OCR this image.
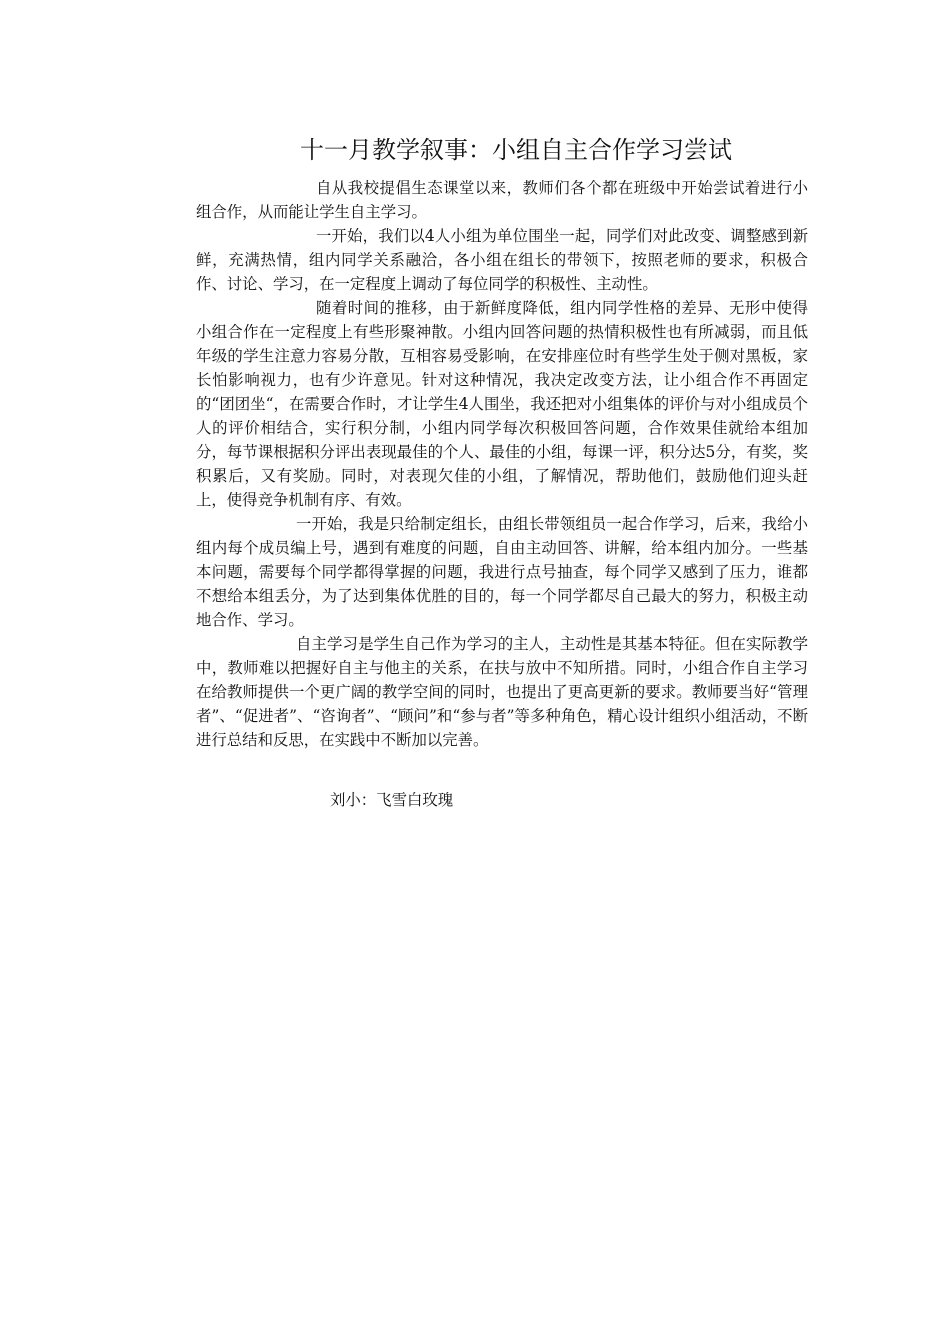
十一月教学叙事：小组自主合作学习尝试

自从我校提倡生态课堂以来，教师们各个都在班级中开始尝试着进行小组合作，从而能让学生自主学习。

一开始，我们以4人小组为单位围坐一起，同学们对此改变、调整感到新鲜，充满热情，组内同学关系融洽，各小组在组长的带领下，按照老师的要求，积极合作、讨论、学习，在一定程度上调动了每位同学的积极性、主动性。

随着时间的推移，由于新鲜度降低，组内同学性格的差异、无形中使得小组合作在一定程度上有些形聚神散。小组内回答问题的热情积极性也有所减弱，而且低年级的学生注意力容易分散，互相容易受影响，在安排座位时有些学生处于侧对黑板，家长怕影响视力，也有少许意见。针对这种情况，我决定改变方法，让小组合作不再固定的“团团坐“，在需要合作时，才让学生4人围坐，我还把对小组集体的评价与对小组成员个人的评价相结合，实行积分制，小组内同学每次积极回答问题，合作效果佳就给本组加分，每节课根据积分评出表现最佳的个人、最佳的小组，每课一评，积分达5分，有奖，奖积累后，又有奖励。同时，对表现欠佳的小组，了解情况，帮助他们，鼓励他们迎头赶上，使得竞争机制有序、有效。

一开始，我是只给制定组长，由组长带领组员一起合作学习，后来，我给小组内每个成员编上号，遇到有难度的问题，自由主动回答、讲解，给本组内加分。一些基本问题，需要每个同学都得掌握的问题，我进行点号抽查，每个同学又感到了压力，谁都不想给本组丢分，为了达到集体优胜的目的，每一个同学都尽自己最大的努力，积极主动地合作、学习。

自主学习是学生自己作为学习的主人，主动性是其基本特征。但在实际教学中，教师难以把握好自主与他主的关系，在扶与放中不知所措。同时，小组合作自主学习在给教师提供一个更广阔的教学空间的同时，也提出了更高更新的要求。教师要当好“管理者”、“促进者”、“咨询者”、“顾问”和“参与者”等多种角色，精心设计组织小组活动，不断进行总结和反思，在实践中不断加以完善。

刘小：飞雪白玫瑰
